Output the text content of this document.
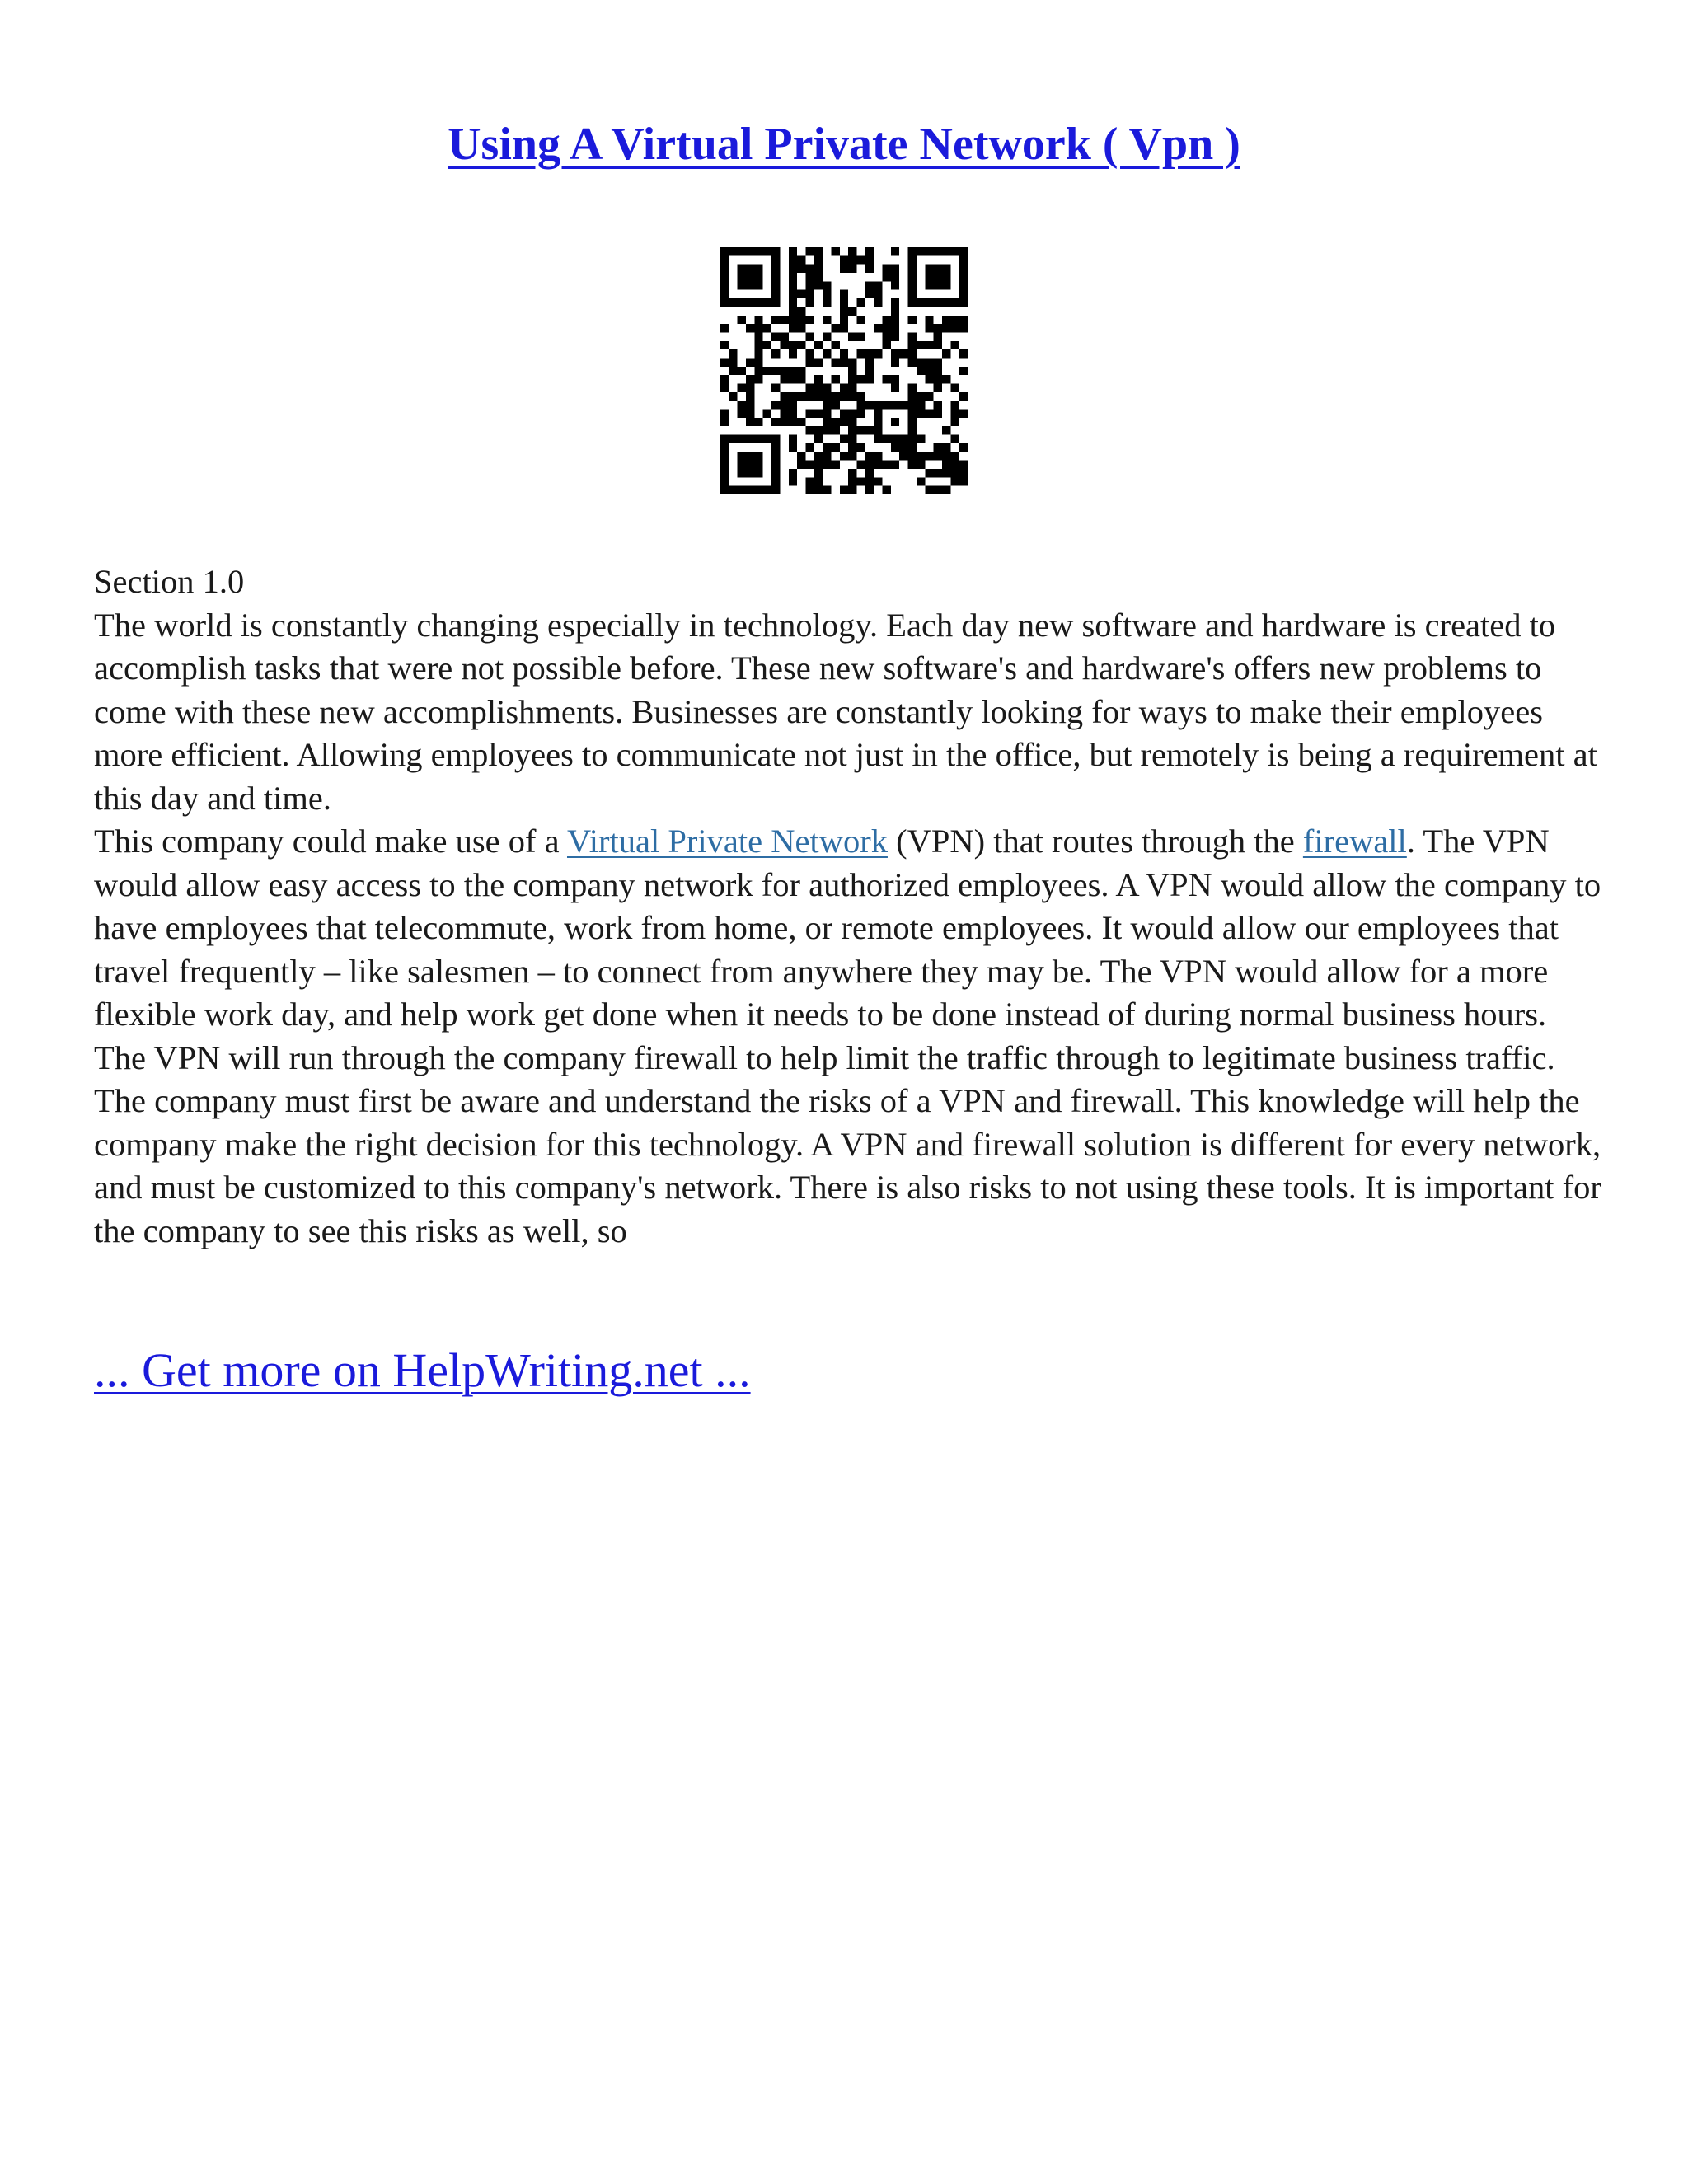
Using A Virtual Private Network ( Vpn )

Section 1.0

The world is constantly changing especially in technology. Each day new software and hardware is created to accomplish tasks that were not possible before. These new software's and hardware's offers new problems to come with these new accomplishments. Businesses are constantly looking for ways to make their employees more efficient. Allowing employees to communicate not just in the office, but remotely is being a requirement at this day and time.

This company could make use of a Virtual Private Network (VPN) that routes through the firewall. The VPN would allow easy access to the company network for authorized employees. A VPN would allow the company to have employees that telecommute, work from home, or remote employees. It would allow our employees that travel frequently – like salesmen – to connect from anywhere they may be. The VPN would allow for a more flexible work day, and help work get done when it needs to be done instead of during normal business hours. The VPN will run through the company firewall to help limit the traffic through to legitimate business traffic.

The company must first be aware and understand the risks of a VPN and firewall. This knowledge will help the company make the right decision for this technology. A VPN and firewall solution is different for every network, and must be customized to this company's network. There is also risks to not using these tools. It is important for the company to see this risks as well, so

... Get more on HelpWriting.net ...
